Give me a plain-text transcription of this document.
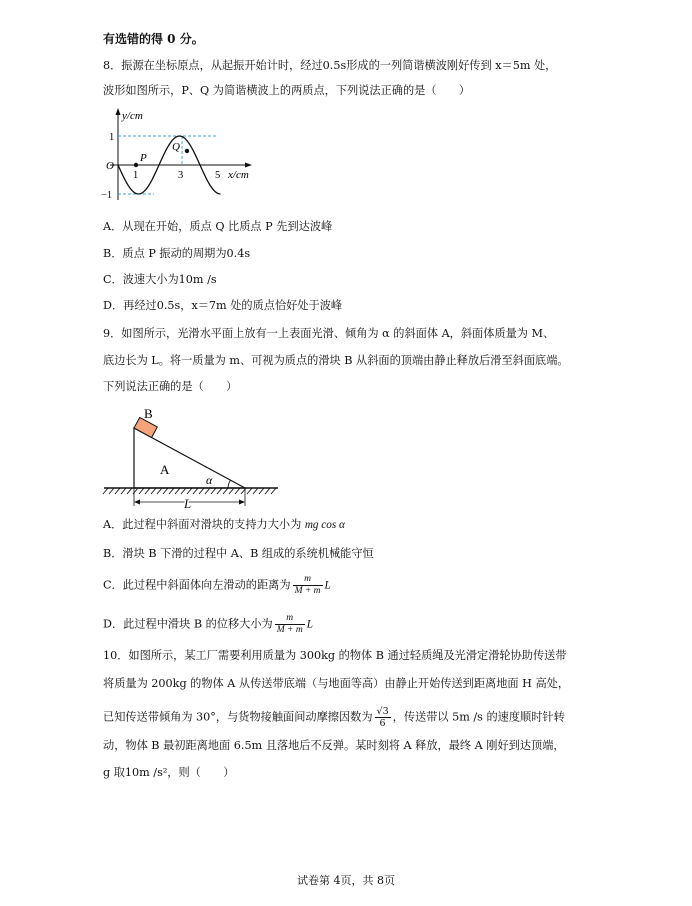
有选错的得 0 分。
8．振源在坐标原点，从起振开始计时，经过0.5s形成的一列简谐横波刚好传到 x＝5m 处，
波形如图所示，P、Q 为简谐横波上的两质点，下列说法正确的是（　　）
y/cm
x/cm
O
1
−1
1	3	5
P
Q
A．从现在开始，质点 Q 比质点 P 先到达波峰
B．质点 P 振动的周期为0.4s
C．波速大小为10m /s
D．再经过0.5s，x＝7m 处的质点恰好处于波峰
9．如图所示，光滑水平面上放有一上表面光滑、倾角为 α 的斜面体 A，斜面体质量为 M、
底边长为 L。将一质量为 m、可视为质点的滑块 B 从斜面的顶端由静止释放后滑至斜面底端。
下列说法正确的是（　　）
B
A
α
L
A．此过程中斜面对滑块的支持力大小为 mg cos α
B．滑块 B 下滑的过程中 A、B 组成的系统机械能守恒
C．此过程中斜面体向左滑动的距离为 $\frac{m}{M + m}$ L
D．此过程中滑块 B 的位移大小为 $\frac{m}{M + m}$ L
10．如图所示，某工厂需要利用质量为 300kg 的物体 B 通过轻质绳及光滑定滑轮协助传送带
将质量为 200kg 的物体 A 从传送带底端（与地面等高）由静止开始传送到距离地面 H 高处，
已知传送带倾角为 30°，与货物接触面间动摩擦因数为 $\frac{√3}{6}$ ，传送带以 5m /s 的速度顺时针转
动，物体 B 最初距离地面 6.5m 且落地后不反弹。某时刻将 A 释放，最终 A 刚好到达顶端，
g 取10m /s²，则（　　）
试卷第 4页，共 8页
